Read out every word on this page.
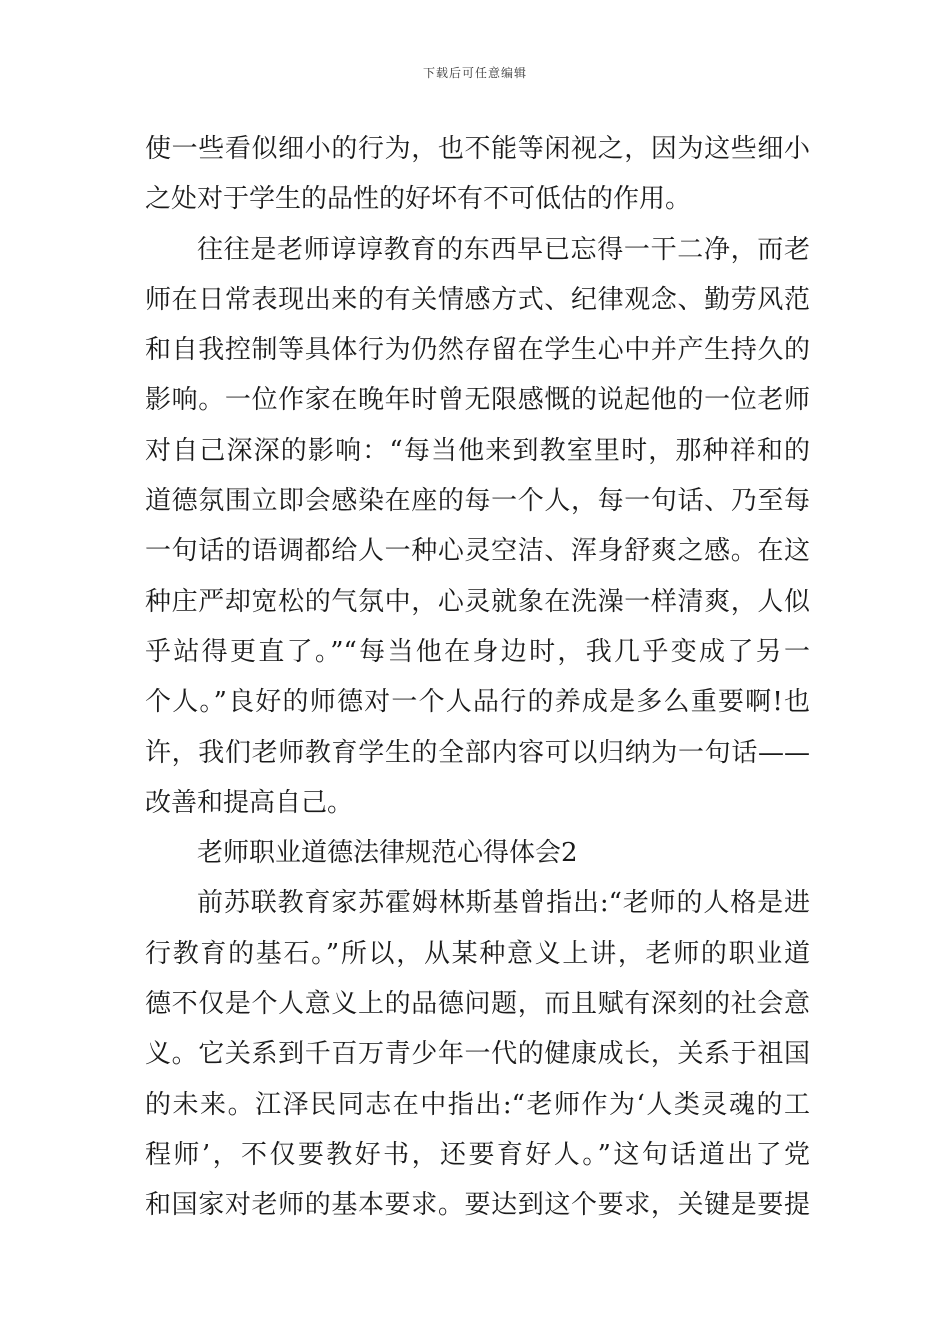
下载后可任意编辑
使一些看似细小的行为，也不能等闲视之，因为这些细小
之处对于学生的品性的好坏有不可低估的作用。
往往是老师谆谆教育的东西早已忘得一干二净，而老
师在日常表现出来的有关情感方式、纪律观念、勤劳风范
和自我控制等具体行为仍然存留在学生心中并产生持久的
影响。一位作家在晚年时曾无限感慨的说起他的一位老师
对自己深深的影响：“每当他来到教室里时，那种祥和的
道德氛围立即会感染在座的每一个人，每一句话、乃至每
一句话的语调都给人一种心灵空洁、浑身舒爽之感。在这
种庄严却宽松的气氛中，心灵就象在洗澡一样清爽，人似
乎站得更直了。”“每当他在身边时，我几乎变成了另一
个人。”良好的师德对一个人品行的养成是多么重要啊!也
许，我们老师教育学生的全部内容可以归纳为一句话——
改善和提高自己。
老师职业道德法律规范心得体会2
前苏联教育家苏霍姆林斯基曾指出:“老师的人格是进
行教育的基石。”所以，从某种意义上讲，老师的职业道
德不仅是个人意义上的品德问题，而且赋有深刻的社会意
义。它关系到千百万青少年一代的健康成长，关系于祖国
的未来。江泽民同志在中指出:“老师作为‘人类灵魂的工
程师’，不仅要教好书，还要育好人。”这句话道出了党
和国家对老师的基本要求。要达到这个要求，关键是要提
